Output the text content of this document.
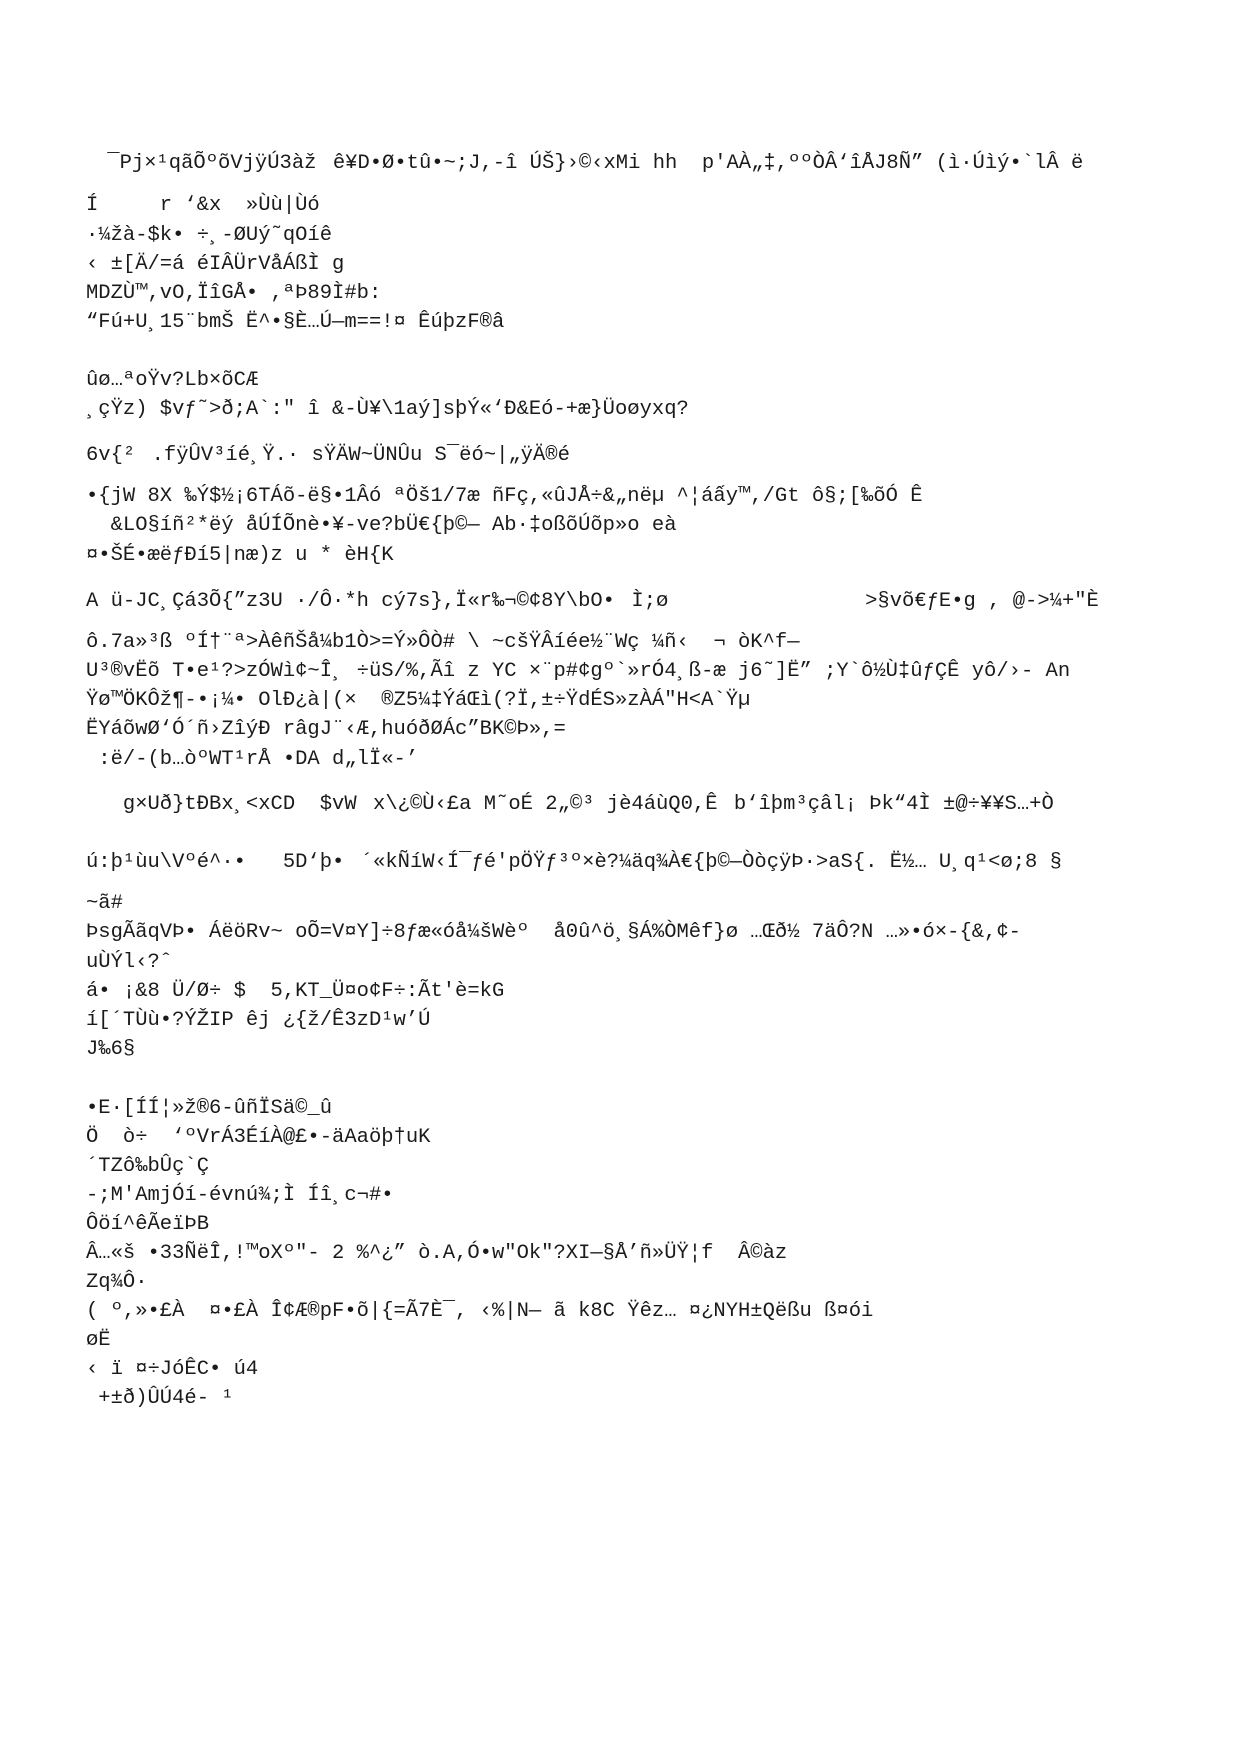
¯Pj×¹qãÕºõVjÿÚ3àžê¥D•Ø•tû•~;J,-î ÚŠ}›©‹xMi hh  p'AÀ„‡,ººÒÂ‘îÅJ8Ñ” (ì·Úìý•`lÂ ë
Í     r ‘&x  »Ùù|Ùó
·¼žà-$k• ÷¸-ØUý˜qOíê
‹ ±[Ä/=á éIÂÜrVåÁßÌ g
MDZÙ™,vO,ÏîGÅ• ,ªÞ89Ì#b:
“Fú+U¸15¨bmŠ Ë^•§È…Ú—m==!¤ ÊúþzF®â
ûø…ªoŸv?Lb×õCÆ
¸çŸz) $vƒ˜>ð;A`:" î &-Ù¥\1aý]sþÝ«‘Ð&Eó-+æ}Üoøyxq?
6v{².fÿÛV³íé¸Ÿ.· sŸÄW~ÜNÛu S¯ëó~|„ÿÄ®é
•{jW 8X ‰Ý$½¡6TÁõ-ë§•1Âó ªÖš1/7æ ñFç,«ûJÅ÷&„nëµ ^¦áấy™,/Gt ô§;[‰õÓ Ê
&LO§íñ²*ëý åÚÍÕnè•¥-ve?bÜ€{þ©— Ab·‡oßõÚõp»o eà
¤•ŠÉ•æëƒÐí5|næ)z u * èH{K
A ü-JC¸Çá3Õ{”z3U ·/Ô·*h cý7s},Ï«r‰¬©¢8Y\bO•Ì;ø                >§võ€ƒE•g , @->¼+"È
ô.7a»³ß ºÍ†¨ª>ÀêñŠå¼b1Ò>=Ý»ÔÒ# \ ~cšŸÂíée½¨Wç ¼ñ‹  ¬ òK^f—
U³®vËõ T•e¹?>zÓWì¢~Î¸ ÷üS/%,Ãî z YC ×¨p#¢gº`»rÓ4¸ß-æ j6˜]Ë” ;Y`ô½Ù‡ûƒÇÊ yô/›- An
Ÿø™ÖKÔž¶-•¡¼• OlÐ¿à|(×  ®Z5¼‡ÝáŒì(?Ï,±÷ŸdÉS»zÀÁ"H<A`Ÿµ
ËYáõwØ‘Ó´ñ›ZîýÐ râgJ¨‹Æ,huóðØÁc”BK©Þ»,=
:ë/-(b…òºWT¹rÅ •DA d„lÏ«-’
g×Uð}tÐBx¸<xCD  $vWx\¿©Ù‹£a M˜oÉ 2„©³ jè4áùQ0,Êb‘îþm³çâl¡ Þk“4Ì ±@÷¥¥S…+Ò
ú:þ¹ùu\Vºé^·•   5D‘þ•´«kÑíW‹Í¯ƒé'pÖŸƒ³º×è?¼äq¾À€{þ©—ÒòçÿÞ·>aS{. Ë½… U¸q¹<ø;8 §
~ã#
ÞsgÃãqVÞ• ÁëöRv~ oÕ=V¤Y]÷8ƒæ«óå¼šWèº  å0û^ö¸§Á%ÒMêf}ø …Œð½ 7äÔ?N …»•ó×-{&,¢-
uÙÝl‹?ˆ
á• ¡&8 Ü/Ø÷ $  5,KT_Ü¤o¢F÷:Ãt'è=kG
í[´TÙù•?ÝŽIP êj ¿{ž/Ê3zD¹w’Ú
J‰6§
•E·[ÍÍ¦»ž®6-ûñÏSä©_û
Ö  ò÷  ‘ºVrÁ3ÉíÀ@£•-äAaöþ†uK
´TZô‰bÛç`Ç
-;M'AmjÓí-évnú¾;Ì Íî¸c¬#•
Ôöí^êÃeïÞB
Â…«š •33ÑëÎ,!™oXº"- 2 %^¿” ò.A,Ó•w"Ok"?XI—§Å’ñ»ÜŸ¦f  Â©àz
Zq¾Ô·
( º,»•£À  ¤•£À Î¢Æ®pF•õ|{=Ã7È¯, ‹%|N— ã k8C Ÿêz… ¤¿NYH±Qëßu ß¤ói
øË
‹ ï ¤÷JóÊC• ú4
+±ð)ÛÚ4é- ¹
